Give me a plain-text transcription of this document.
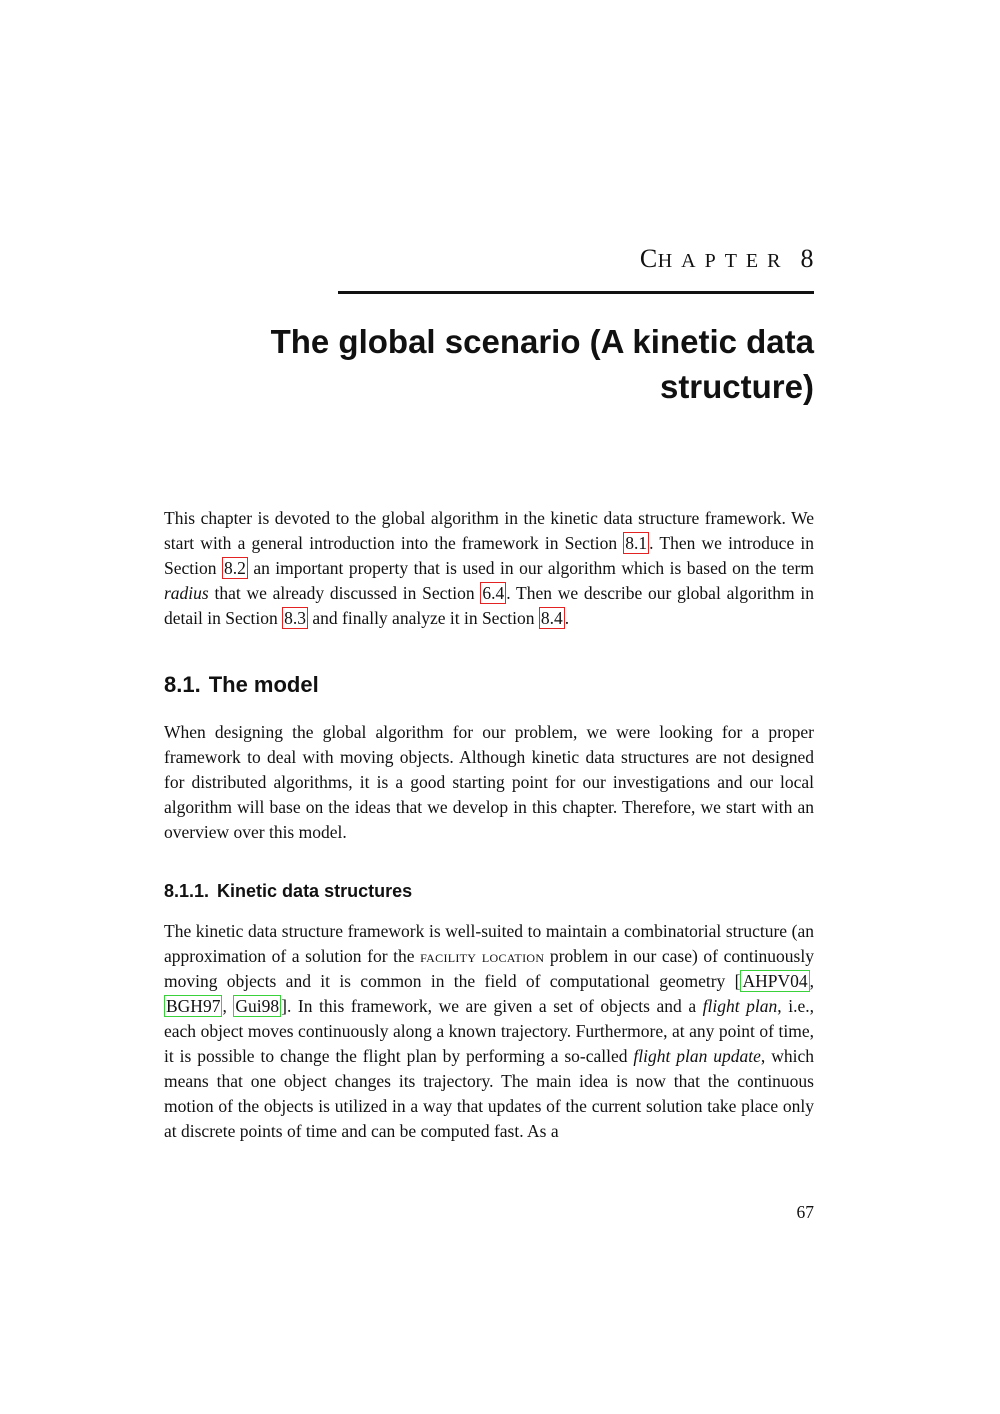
CHAPTER 8
The global scenario (A kinetic data structure)

This chapter is devoted to the global algorithm in the kinetic data structure framework. We start with a general introduction into the framework in Section 8.1 . Then we introduce in Section 8.2 an important property that is used in our algorithm which is based on the term radius that we already discussed in Section 6.4 . Then we describe our global algorithm in detail in Section 8.3 and finally analyze it in Section 8.4 .

8.1. The model

When designing the global algorithm for our problem, we were looking for a proper framework to deal with moving objects. Although kinetic data structures are not designed for distributed algorithms, it is a good starting point for our investigations and our local algorithm will base on the ideas that we develop in this chapter. Therefore, we start with an overview over this model.

8.1.1. Kinetic data structures

The kinetic data structure framework is well-suited to maintain a combinatorial structure (an approximation of a solution for the facility location problem in our case) of continuously moving objects and it is common in the field of computational geometry [ AHPV04 , BGH97 , Gui98 ]. In this framework, we are given a set of objects and a flight plan, i.e., each object moves continuously along a known trajectory. Furthermore, at any point of time, it is possible to change the flight plan by performing a so-called flight plan update, which means that one object changes its trajectory. The main idea is now that the continuous motion of the objects is utilized in a way that updates of the current solution take place only at discrete points of time and can be computed fast. As a

67
